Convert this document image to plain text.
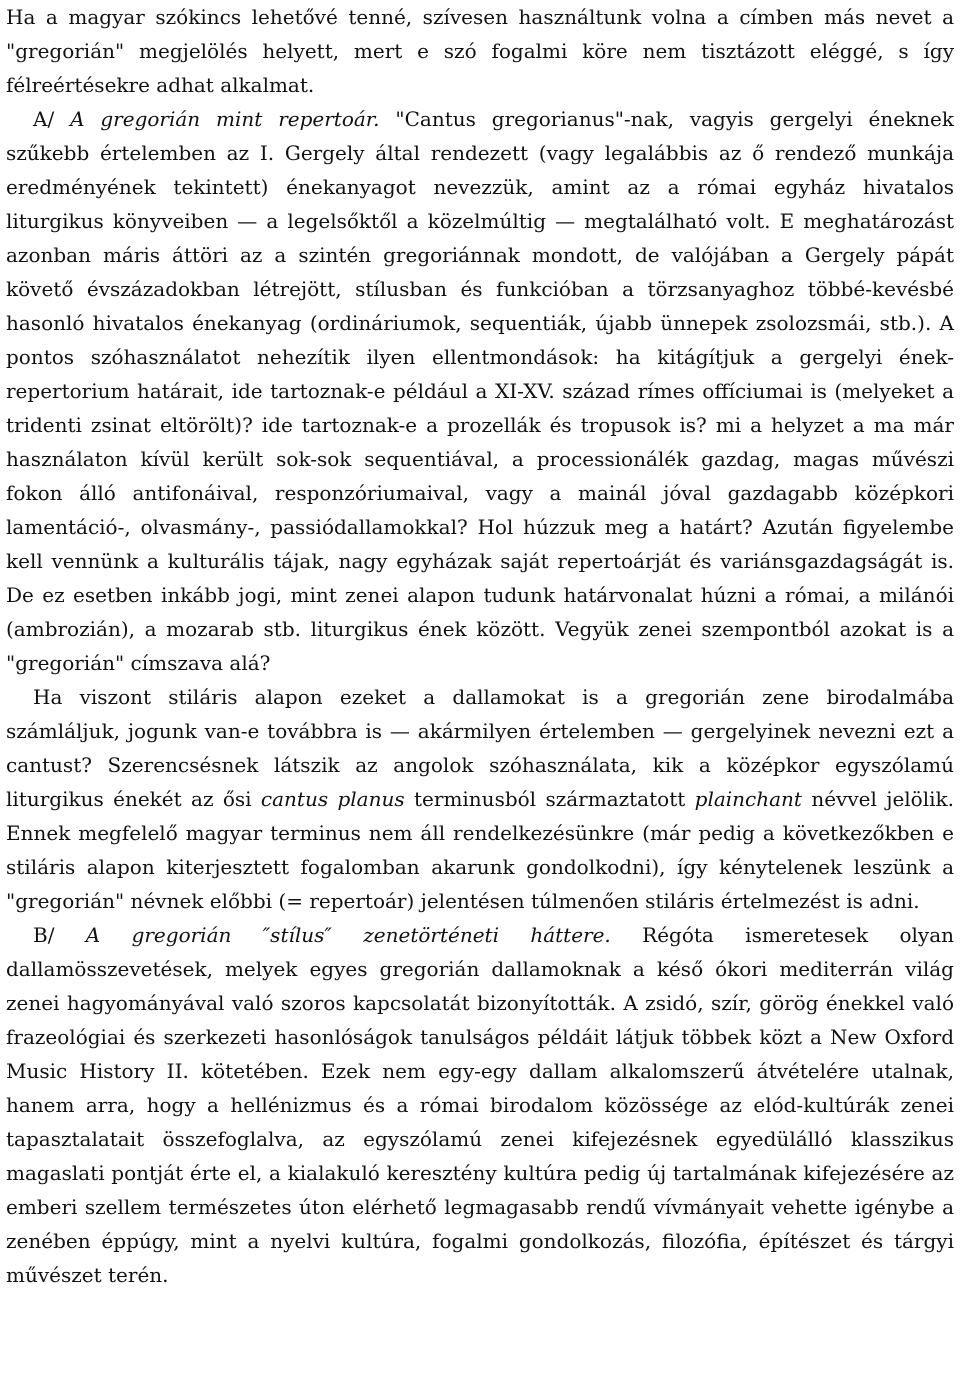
Ha a magyar szókincs lehetővé tenné, szívesen használtunk volna a címben más nevet a "gregorián" megjelölés helyett, mert e szó fogalmi köre nem tisztázott eléggé, s így félreértésekre adhat alkalmat.

A/ A gregorián mint repertoár. "Cantus gregorianus"-nak, vagyis gergelyi éneknek szűkebb értelemben az I. Gergely által rendezett (vagy legalábbis az ő rendező munkája eredményének tekintett) énekanyagot nevezzük, amint az a római egyház hivatalos liturgikus könyveiben — a legelsőktől a közelmúltig — megtalálható volt. E meghatározást azonban máris áttöri az a szintén gregoriánnak mondott, de valójában a Gergely pápát követő évszázadokban létrejött, stílusban és funkcióban a törzsanyaghoz többé-kevésbé hasonló hivatalos énekanyag (ordináriumok, sequentiák, újabb ünnepek zsolozsmái, stb.). A pontos szóhasználatot nehezítik ilyen ellentmondások: ha kitágítjuk a gergelyi ének-repertorium határait, ide tartoznak-e például a XI-XV. század rímes offíciumai is (melyeket a tridenti zsinat eltörölt)? ide tartoznak-e a prozellák és tropusok is? mi a helyzet a ma már használaton kívül került sok-sok sequentiával, a processionálék gazdag, magas művészi fokon álló antifonáival, responzóriumaival, vagy a mainál jóval gazdagabb középkori lamentáció-, olvasmány-, passiódallamokkal? Hol húzzuk meg a határt? Azután figyelembe kell vennünk a kulturális tájak, nagy egyházak saját repertoárját és variánsgazdagságát is. De ez esetben inkább jogi, mint zenei alapon tudunk határvonalat húzni a római, a milánói (ambrozián), a mozarab stb. liturgikus ének között. Vegyük zenei szempontból azokat is a "gregorián" címszava alá?

Ha viszont stiláris alapon ezeket a dallamokat is a gregorián zene birodalmába számláljuk, jogunk van-e továbbra is — akármilyen értelemben — gergelyinek nevezni ezt a cantust? Szerencsésnek látszik az angolok szóhasználata, kik a középkor egyszólamú liturgikus énekét az ősi cantus planus terminusból származtatott plainchant névvel jelölik. Ennek megfelelő magyar terminus nem áll rendelkezésünkre (már pedig a következőkben e stiláris alapon kiterjesztett fogalomban akarunk gondolkodni), így kénytelenek leszünk a "gregorián" névnek előbbi (= repertoár) jelentésen túlmenően stiláris értelmezést is adni.

B/ A gregorián ″stílus″ zenetörténeti háttere. Régóta ismeretesek olyan dallamösszevetések, melyek egyes gregorián dallamoknak a késő ókori mediterrán világ zenei hagyományával való szoros kapcsolatát bizonyították. A zsidó, szír, görög énekkel való frazeológiai és szerkezeti hasonlóságok tanulságos példáit látjuk többek közt a New Oxford Music History II. kötetében. Ezek nem egy-egy dallam alkalomszerű átvételére utalnak, hanem arra, hogy a hellénizmus és a római birodalom közössége az elód-kultúrák zenei tapasztalatait összefoglalva, az egyszólamú zenei kifejezésnek egyedülálló klasszikus magaslati pontját érte el, a kialakuló keresztény kultúra pedig új tartalmának kifejezésére az emberi szellem természetes úton elérhető legmagasabb rendű vívmányait vehette igénybe a zenében éppúgy, mint a nyelvi kultúra, fogalmi gondolkozás, filozófia, építészet és tárgyi művészet terén.
